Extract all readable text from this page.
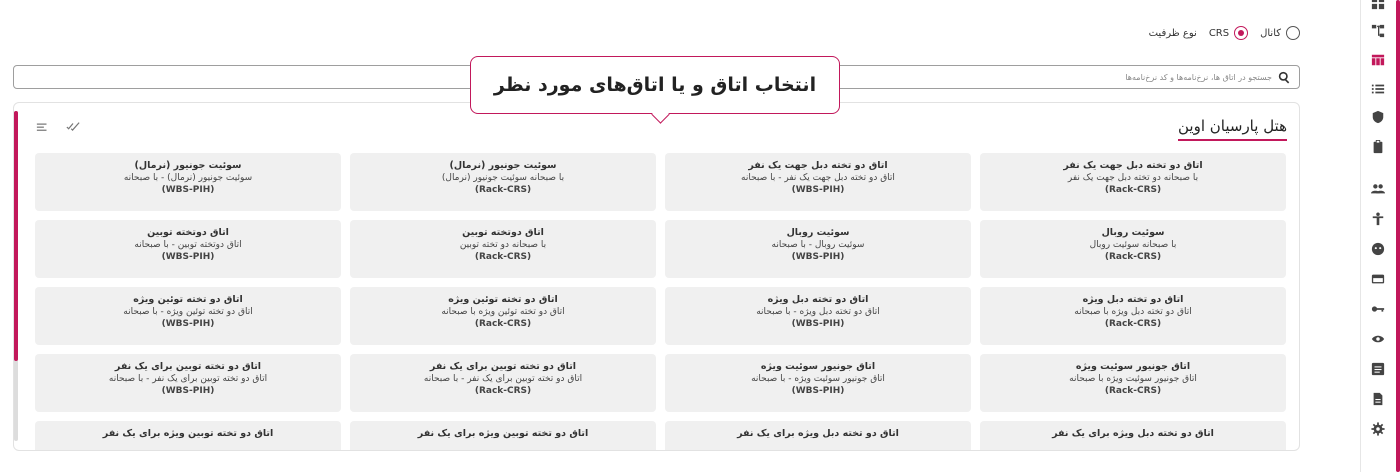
نوع ظرفیت CRS	کانال
جستجو در اتاق ها، نرخ‌نامه‌ها و کد نرخ‌نامه‌ها
انتخاب اتاق و یا اتاق‌های مورد نظر
هتل پارسیان اوین
اتاق دو تخته دبل جهت یک نفر
با صبحانه دو تخته دبل جهت یک نفر
(Rack-CRS)
اتاق دو تخته دبل جهت یک نفر
اتاق دو تخته دبل جهت یک نفر - با صبحانه
(WBS-PIH)
سوئیت جونیور (نرمال)
با صبحانه سوئیت جونیور (نرمال)
(Rack-CRS)
سوئیت جونیور (نرمال)
سوئیت جونیور (نرمال) - با صبحانه
(WBS-PIH)
سوئیت روبال
با صبحانه سوئیت روبال
(Rack-CRS)
سوئیت روبال
سوئیت روبال - با صبحانه
(WBS-PIH)
اتاق دوتخته توبین
با صبحانه دو تخته توبین
(Rack-CRS)
اتاق دوتخته توبین
اتاق دوتخته توبین - با صبحانه
(WBS-PIH)
اتاق دو تخته دبل ویژه
اتاق دو تخته دبل ویژه با صبحانه
(Rack-CRS)
اتاق دو تخته دبل ویژه
اتاق دو تخته دبل ویژه - با صبحانه
(WBS-PIH)
اتاق دو تخته توئین ویژه
اتاق دو تخته توئین ویژه با صبحانه
(Rack-CRS)
اتاق دو تخته توئین ویژه
اتاق دو تخته توئین ویژه - با صبحانه
(WBS-PIH)
اتاق جونیور سوئیت ویژه
اتاق جونیور سوئیت ویژه با صبحانه
(Rack-CRS)
اتاق جونیور سوئیت ویژه
اتاق جونیور سوئیت ویژه - با صبحانه
(WBS-PIH)
اتاق دو تخته توبین برای یک نفر
اتاق دو تخته توبین برای یک نفر - با صبحانه
(Rack-CRS)
اتاق دو تخته توبین برای یک نفر
اتاق دو تخته توبین برای یک نفر - با صبحانه
(WBS-PIH)
اتاق دو تخته دبل ویژه برای یک نفر
اتاق دو تخته دبل ویژه برای یک نفر
اتاق دو تخته توبین ویژه برای یک نفر
اتاق دو تخته توبین ویژه برای یک نفر
